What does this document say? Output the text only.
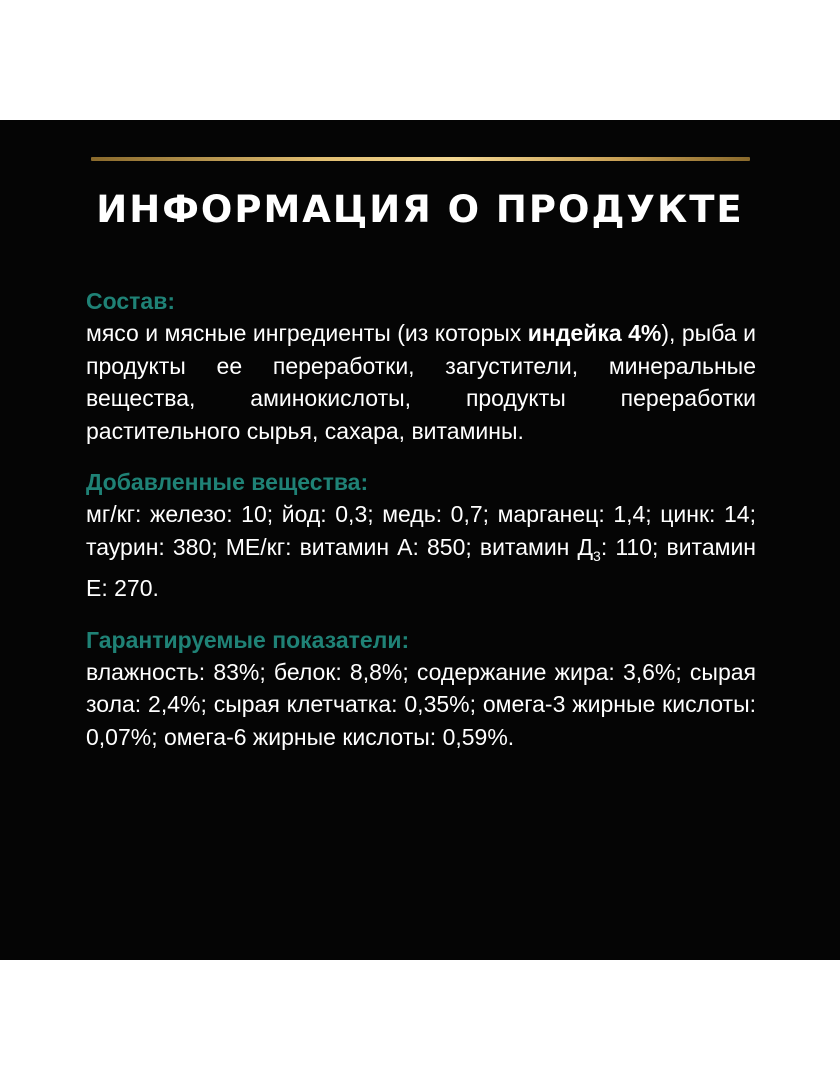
ИНФОРМАЦИЯ О ПРОДУКТЕ

Состав:

мясо и мясные ингредиенты (из которых индейка 4%), рыба и продукты ее переработки, загустители, минеральные вещества, аминокислоты, продукты переработки растительного сырья, сахара, витамины.

Добавленные вещества:

мг/кг: железо: 10; йод: 0,3; медь: 0,7; марганец: 1,4; цинк: 14; таурин: 380; МЕ/кг: витамин А: 850; витамин $Д_3$: 110; витамин Е: 270.

Гарантируемые показатели:

влажность: 83%; белок: 8,8%; содержание жира: 3,6%; сырая зола: 2,4%; сырая клетчатка: 0,35%; омега-3 жирные кислоты: 0,07%; омега-6 жирные кислоты: 0,59%.
